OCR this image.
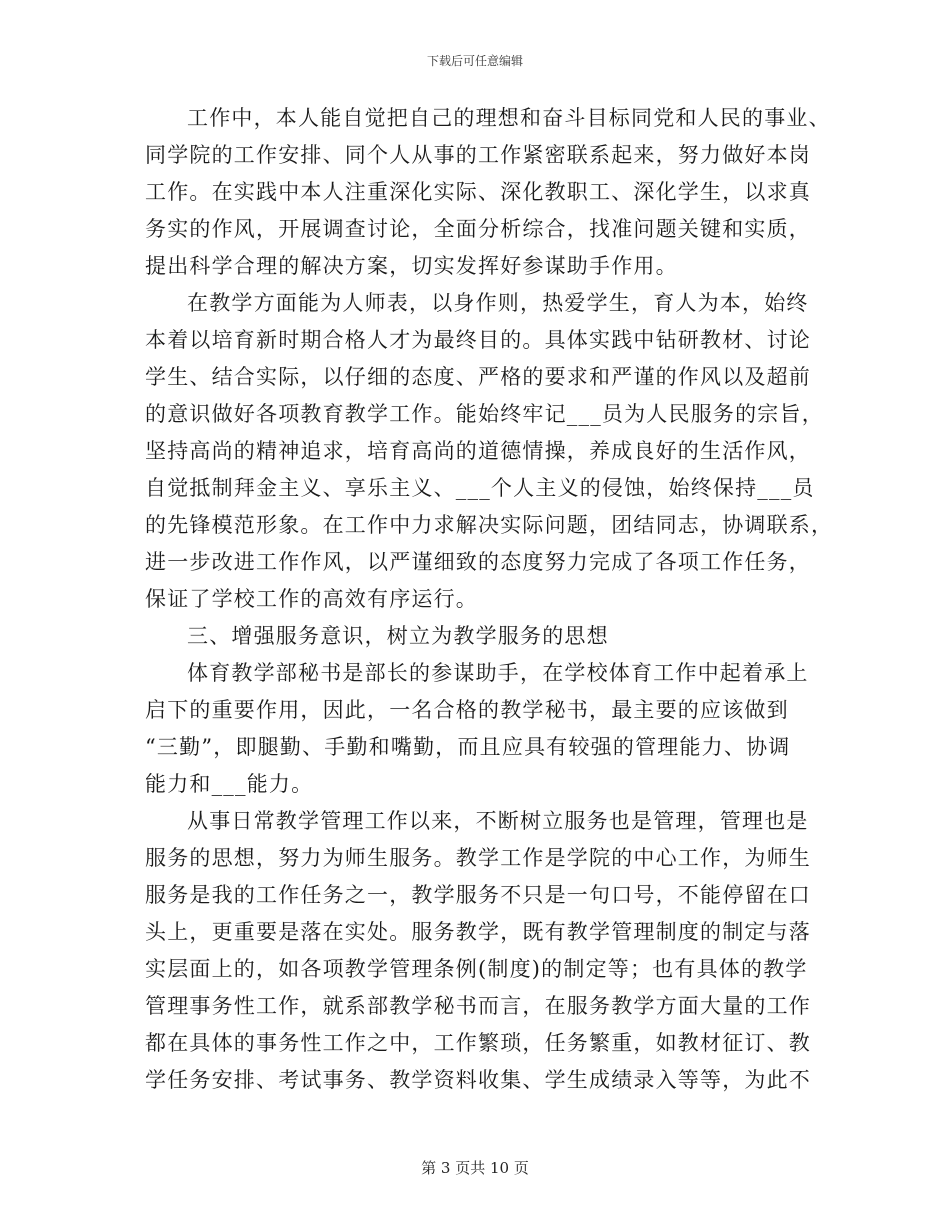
下载后可任意编辑
工作中，本人能自觉把自己的理想和奋斗目标同党和人民的事业、
同学院的工作安排、同个人从事的工作紧密联系起来，努力做好本岗
工作。在实践中本人注重深化实际、深化教职工、深化学生，以求真
务实的作风，开展调查讨论，全面分析综合，找准问题关键和实质，
提出科学合理的解决方案，切实发挥好参谋助手作用。
在教学方面能为人师表，以身作则，热爱学生，育人为本，始终
本着以培育新时期合格人才为最终目的。具体实践中钻研教材、讨论
学生、结合实际，以仔细的态度、严格的要求和严谨的作风以及超前
的意识做好各项教育教学工作。能始终牢记___员为人民服务的宗旨，
坚持高尚的精神追求，培育高尚的道德情操，养成良好的生活作风，
自觉抵制拜金主义、享乐主义、___个人主义的侵蚀，始终保持___员
的先锋模范形象。在工作中力求解决实际问题，团结同志，协调联系，
进一步改进工作作风，以严谨细致的态度努力完成了各项工作任务，
保证了学校工作的高效有序运行。
三、增强服务意识，树立为教学服务的思想
体育教学部秘书是部长的参谋助手，在学校体育工作中起着承上
启下的重要作用，因此，一名合格的教学秘书，最主要的应该做到
“三勤”，即腿勤、手勤和嘴勤，而且应具有较强的管理能力、协调
能力和___能力。
从事日常教学管理工作以来，不断树立服务也是管理，管理也是
服务的思想，努力为师生服务。教学工作是学院的中心工作，为师生
服务是我的工作任务之一，教学服务不只是一句口号，不能停留在口
头上，更重要是落在实处。服务教学，既有教学管理制度的制定与落
实层面上的，如各项教学管理条例(制度)的制定等；也有具体的教学
管理事务性工作，就系部教学秘书而言，在服务教学方面大量的工作
都在具体的事务性工作之中，工作繁琐，任务繁重，如教材征订、教
学任务安排、考试事务、教学资料收集、学生成绩录入等等，为此不
第 3 页共 10 页
